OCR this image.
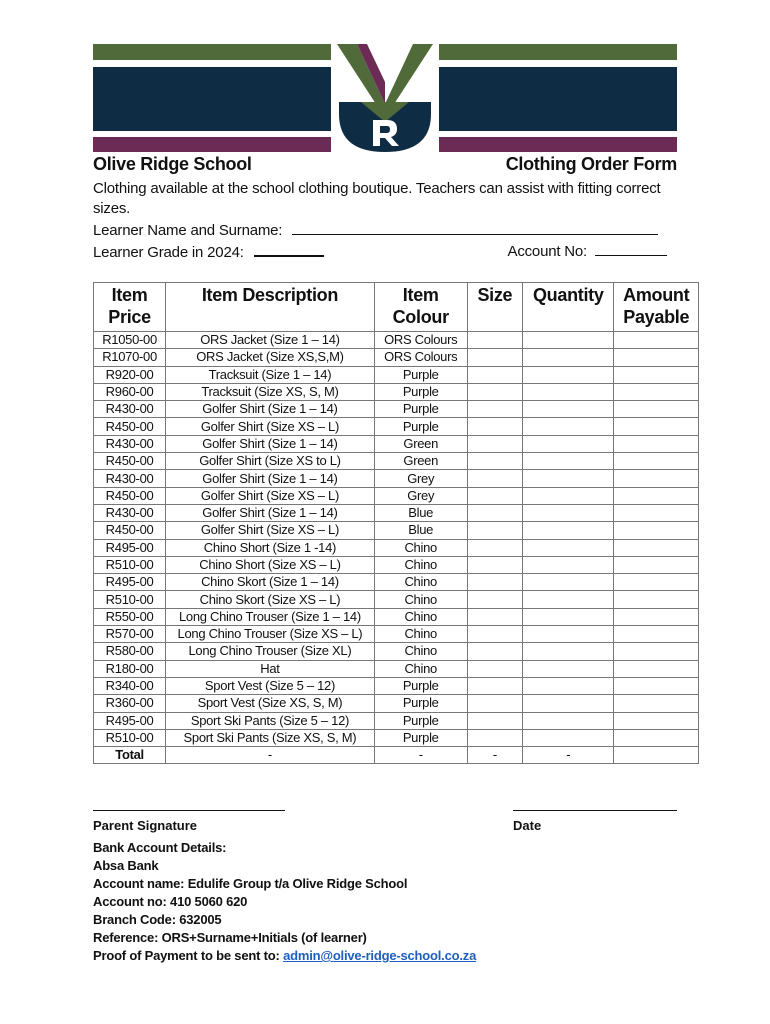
Olive Ridge School	Clothing Order Form
Clothing available at the school clothing boutique. Teachers can assist with fitting correct sizes.
Learner Name and Surname:
Learner Grade in 2024:	Account No:
Item Price	Item Description	Item Colour	Size	Quantity	Amount Payable
R1050-00	ORS Jacket (Size 1 – 14)	ORS Colours			
R1070-00	ORS Jacket (Size XS,S,M)	ORS Colours			
R920-00	Tracksuit (Size 1 – 14)	Purple			
R960-00	Tracksuit (Size XS, S, M)	Purple			
R430-00	Golfer Shirt (Size 1 – 14)	Purple			
R450-00	Golfer Shirt (Size XS – L)	Purple			
R430-00	Golfer Shirt (Size 1 – 14)	Green			
R450-00	Golfer Shirt (Size XS to L)	Green			
R430-00	Golfer Shirt (Size 1 – 14)	Grey			
R450-00	Golfer Shirt (Size XS – L)	Grey			
R430-00	Golfer Shirt (Size 1 – 14)	Blue			
R450-00	Golfer Shirt (Size XS – L)	Blue			
R495-00	Chino Short (Size 1 -14)	Chino			
R510-00	Chino Short (Size XS – L)	Chino			
R495-00	Chino Skort (Size 1 – 14)	Chino			
R510-00	Chino Skort (Size XS – L)	Chino			
R550-00	Long Chino Trouser (Size 1 – 14)	Chino			
R570-00	Long Chino Trouser (Size XS – L)	Chino			
R580-00	Long Chino Trouser (Size XL)	Chino			
R180-00	Hat	Chino			
R340-00	Sport Vest (Size 5 – 12)	Purple			
R360-00	Sport Vest (Size XS, S, M)	Purple			
R495-00	Sport Ski Pants (Size 5 – 12)	Purple			
R510-00	Sport Ski Pants (Size XS, S, M)	Purple			
Total	-	-	-	-	
Parent Signature	Date
Bank Account Details:
Absa Bank
Account name: Edulife Group t/a Olive Ridge School
Account no: 410 5060 620
Branch Code: 632005
Reference: ORS+Surname+Initials (of learner)
Proof of Payment to be sent to: admin@olive-ridge-school.co.za
